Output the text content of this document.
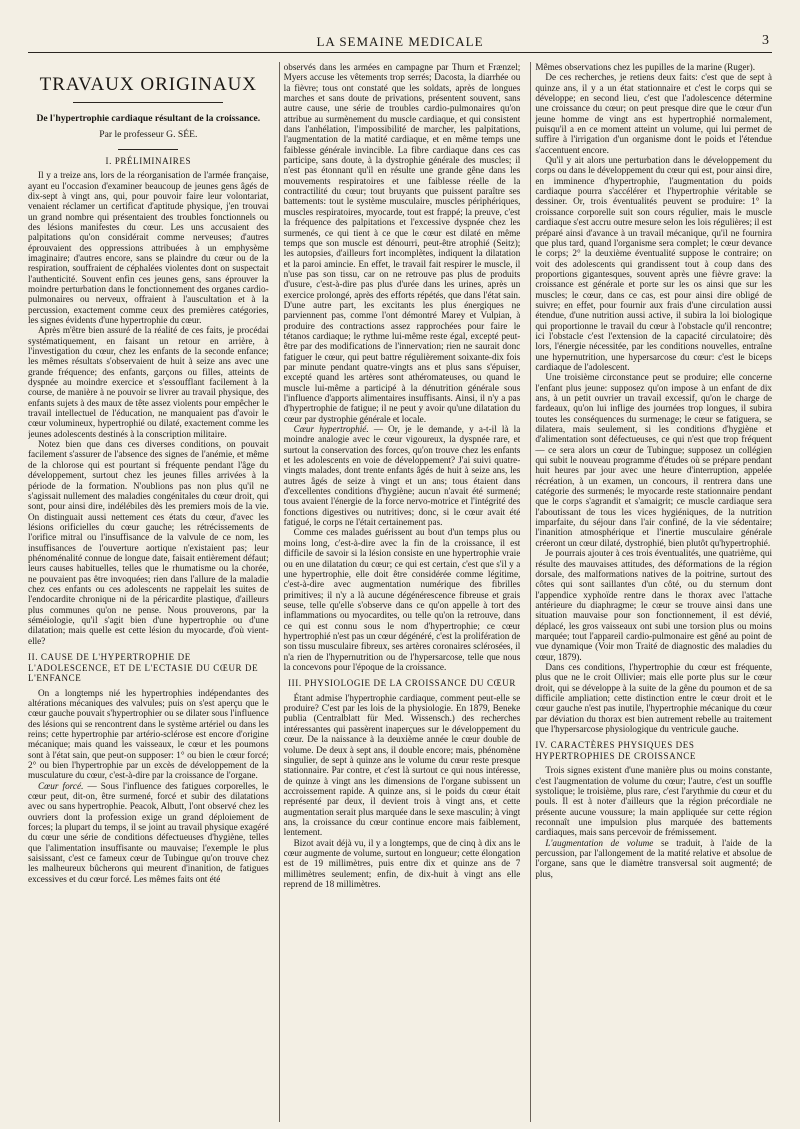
LA SEMAINE MEDICALE	3
TRAVAUX ORIGINAUX
De l'hypertrophie cardiaque résultant de la croissance.
Par le professeur G. SÉE.
I. PRÉLIMINAIRES

Il y a treize ans, lors de la réorganisation de l'armée française, ayant eu l'occasion d'examiner beaucoup de jeunes gens âgés de dix-sept à vingt ans, qui, pour pouvoir faire leur volontariat, venaient réclamer un certificat d'aptitude physique, j'en trouvai un grand nombre qui présentaient des troubles fonctionnels ou des lésions manifestes du cœur. Les uns accusaient des palpitations qu'on considérait comme nerveuses; d'autres éprouvaient des oppressions attribuées à un emphysème imaginaire; d'autres encore, sans se plaindre du cœur ou de la respiration, souffraient de céphalées violentes dont on suspectait l'authenticité. Souvent enfin ces jeunes gens, sans éprouver la moindre perturbation dans le fonctionnement des organes cardio-pulmonaires ou nerveux, offraient à l'auscultation et à la percussion, exactement comme ceux des premières catégories, les signes évidents d'une hypertrophie du cœur.

Après m'être bien assuré de la réalité de ces faits, je procédai systématiquement, en faisant un retour en arrière, à l'investigation du cœur, chez les enfants de la seconde enfance; les mêmes résultats s'observaient de huit à seize ans avec une grande fréquence; des enfants, garçons ou filles, atteints de dyspnée au moindre exercice et s'essoufflant facilement à la course, de manière à ne pouvoir se livrer au travail physique, des enfants sujets à des maux de tête assez violents pour empêcher le travail intellectuel de l'éducation, ne manquaient pas d'avoir le cœur volumineux, hypertrophié ou dilaté, exactement comme les jeunes adolescents destinés à la conscription militaire.

Notez bien que dans ces diverses conditions, on pouvait facilement s'assurer de l'absence des signes de l'anémie, et même de la chlorose qui est pourtant si fréquente pendant l'âge du développement, surtout chez les jeunes filles arrivées à la période de la formation. N'oublions pas non plus qu'il ne s'agissait nullement des maladies congénitales du cœur droit, qui sont, pour ainsi dire, indélébiles dès les premiers mois de la vie. On distinguait aussi nettement ces états du cœur, d'avec les lésions orificielles du cœur gauche; les rétrécissements de l'orifice mitral ou l'insuffisance de la valvule de ce nom, les insuffisances de l'ouverture aortique n'existaient pas; leur phénoménalité connue de longue date, faisait entièrement défaut; leurs causes habituelles, telles que le rhumatisme ou la chorée, ne pouvaient pas être invoquées; rien dans l'allure de la maladie chez ces enfants ou ces adolescents ne rappelait les suites de l'endocardite chronique ni de la péricardite plastique, d'ailleurs plus communes qu'on ne pense. Nous prouverons, par la séméiologie, qu'il s'agit bien d'une hypertrophie ou d'une dilatation; mais quelle est cette lésion du myocarde, d'où vient-elle?

II. CAUSE DE L'HYPERTROPHIE DE L'ADOLESCENCE, ET DE L'ECTASIE DU CŒUR DE L'ENFANCE

On a longtemps nié les hypertrophies indépendantes des altérations mécaniques des valvules; puis on s'est aperçu que le cœur gauche pouvait s'hypertrophier ou se dilater sous l'influence des lésions qui se rencontrent dans le système artériel ou dans les reins; cette hypertrophie par artério-sclérose est encore d'origine mécanique; mais quand les vaisseaux, le cœur et les poumons sont à l'état sain, que peut-on supposer: 1° ou bien le cœur forcé; 2° ou bien l'hypertrophie par un excès de développement de la musculature du cœur, c'est-à-dire par la croissance de l'organe.

Cœur forcé. — Sous l'influence des fatigues corporelles, le cœur peut, dit-on, être surmené, forcé et subir des dilatations avec ou sans hypertrophie. Peacok, Albutt, l'ont observé chez les ouvriers dont la profession exige un grand déploiement de forces; la plupart du temps, il se joint au travail physique exagéré du cœur une série de conditions défectueuses d'hygiène, telles que l'alimentation insuffisante ou mauvaise; l'exemple le plus saisissant, c'est ce fameux cœur de Tubingue qu'on trouve chez les malheureux bûcherons qui meurent d'inanition, de fatigues excessives et du cœur forcé. Les mêmes faits ont été

observés dans les armées en campagne par Thurn et Frænzel; Myers accuse les vêtements trop serrés; Dacosta, la diarrhée ou la fièvre; tous ont constaté que les soldats, après de longues marches et sans doute de privations, présentent souvent, sans autre cause, une série de troubles cardio-pulmonaires qu'on attribue au surmènement du muscle cardiaque, et qui consistent dans l'anhélation, l'impossibilité de marcher, les palpitations, l'augmentation de la matité cardiaque, et en même temps une faiblesse générale invincible. La fibre cardiaque dans ces cas participe, sans doute, à la dystrophie générale des muscles; il n'est pas étonnant qu'il en résulte une grande gêne dans les mouvements respiratoires et une faiblesse réelle de la contractilité du cœur; tout bruyants que puissent paraître ses battements: tout le système musculaire, muscles périphériques, muscles respiratoires, myocarde, tout est frappé; la preuve, c'est la fréquence des palpitations et l'excessive dyspnée chez les surmenés, ce qui tient à ce que le cœur est dilaté en même temps que son muscle est dénourri, peut-être atrophié (Seitz); les autopsies, d'ailleurs fort incomplètes, indiquent la dilatation et la paroi amincie. En effet, le travail fait respirer le muscle, il n'use pas son tissu, car on ne retrouve pas plus de produits d'usure, c'est-à-dire pas plus d'urée dans les urines, après un exercice prolongé, après des efforts répétés, que dans l'état sain. D'une autre part, les excitants les plus énergiques ne parviennent pas, comme l'ont démontré Marey et Vulpian, à produire des contractions assez rapprochées pour faire le tétanos cardiaque; le rythme lui-même reste égal, excepté peut-être par des modifications de l'innervation; rien ne saurait donc fatiguer le cœur, qui peut battre régulièrement soixante-dix fois par minute pendant quatre-vingts ans et plus sans s'épuiser, excepté quand les artères sont athéromateuses, ou quand le muscle lui-même a participé à la dénutrition générale sous l'influence d'apports alimentaires insuffisants. Ainsi, il n'y a pas d'hypertrophie de fatigue; il ne peut y avoir qu'une dilatation du cœur par dystrophie générale et locale.

Cœur hypertrophié. — Or, je le demande, y a-t-il là la moindre analogie avec le cœur vigoureux, la dyspnée rare, et surtout la conservation des forces, qu'on trouve chez les enfants et les adolescents en voie de développement? J'ai suivi quatre-vingts malades, dont trente enfants âgés de huit à seize ans, les autres âgés de seize à vingt et un ans; tous étaient dans d'excellentes conditions d'hygiène; aucun n'avait été surmené; tous avaient l'énergie de la force nervo-motrice et l'intégrité des fonctions digestives ou nutritives; donc, si le cœur avait été fatigué, le corps ne l'était certainement pas.

Comme ces malades guérissent au bout d'un temps plus ou moins long, c'est-à-dire avec la fin de la croissance, il est difficile de savoir si la lésion consiste en une hypertrophie vraie ou en une dilatation du cœur; ce qui est certain, c'est que s'il y a une hypertrophie, elle doit être considérée comme légitime, c'est-à-dire avec augmentation numérique des fibrilles primitives; il n'y a là aucune dégénérescence fibreuse et grais seuse, telle qu'elle s'observe dans ce qu'on appelle à tort des inflammations ou myocardites, ou telle qu'on la retrouve, dans ce qui est connu sous le nom d'hypertrophie; ce cœur hypertrophié n'est pas un cœur dégénéré, c'est la prolifération de son tissu musculaire fibreux, ses artères coronaires sclérosées, il n'a rien de l'hypernutrition ou de l'hypersarcose, telle que nous la concevons pour l'époque de la croissance.

III. PHYSIOLOGIE DE LA CROISSANCE DU CŒUR

Étant admise l'hypertrophie cardiaque, comment peut-elle se produire? C'est par les lois de la physiologie. En 1879, Beneke publia (Centralblatt für Med. Wissensch.) des recherches intéressantes qui passèrent inaperçues sur le développement du cœur. De la naissance à la deuxième année le cœur double de volume. De deux à sept ans, il double encore; mais, phénomène singulier, de sept à quinze ans le volume du cœur reste presque stationnaire. Par contre, et c'est là surtout ce qui nous intéresse, de quinze à vingt ans les dimensions de l'organe subissent un accroissement rapide. A quinze ans, si le poids du cœur était représenté par deux, il devient trois à vingt ans, et cette augmentation serait plus marquée dans le sexe masculin; à vingt ans, la croissance du cœur continue encore mais faiblement, lentement.

Bizot avait déjà vu, il y a longtemps, que de cinq à dix ans le cœur augmente de volume, surtout en longueur; cette élongation est de 19 millimètres, puis entre dix et quinze ans de 7 millimètres seulement; enfin, de dix-huit à vingt ans elle reprend de 18 millimètres.

Mêmes observations chez les pupilles de la marine (Ruger).

De ces recherches, je retiens deux faits: c'est que de sept à quinze ans, il y a un état stationnaire et c'est le corps qui se développe; en second lieu, c'est que l'adolescence détermine une croissance du cœur; on peut presque dire que le cœur d'un jeune homme de vingt ans est hypertrophié normalement, puisqu'il a en ce moment atteint un volume, qui lui permet de suffire à l'irrigation d'un organisme dont le poids et l'étendue s'accentuent encore.

Qu'il y ait alors une perturbation dans le développement du corps ou dans le développement du cœur qui est, pour ainsi dire, en imminence d'hypertrophie, l'augmentation du poids cardiaque pourra s'accélérer et l'hypertrophie véritable se dessiner. Or, trois éventualités peuvent se produire: 1° la croissance corporelle suit son cours régulier, mais le muscle cardiaque s'est accru outre mesure selon les lois régulières; il est préparé ainsi d'avance à un travail mécanique, qu'il ne fournira que plus tard, quand l'organisme sera complet; le cœur devance le corps; 2° la deuxième éventualité suppose le contraire; on voit des adolescents qui grandissent tout à coup dans des proportions gigantesques, souvent après une fièvre grave: la croissance est générale et porte sur les os ainsi que sur les muscles; le cœur, dans ce cas, est pour ainsi dire obligé de suivre; en effet, pour fournir aux frais d'une circulation aussi étendue, d'une nutrition aussi active, il subira la loi biologique qui proportionne le travail du cœur à l'obstacle qu'il rencontre; ici l'obstacle c'est l'extension de la capacité circulatoire; dès lors, l'énergie nécessitée, par les conditions nouvelles, entraîne une hypernutrition, une hypersarcose du cœur: c'est le biceps cardiaque de l'adolescent.

Une troisième circonstance peut se produire; elle concerne l'enfant plus jeune: supposez qu'on impose à un enfant de dix ans, à un petit ouvrier un travail excessif, qu'on le charge de fardeaux, qu'on lui inflige des journées trop longues, il subira toutes les conséquences du surmenage; le cœur se fatiguera, se dilatera, mais seulement, si les conditions d'hygiène et d'alimentation sont défectueuses, ce qui n'est que trop fréquent — ce sera alors un cœur de Tubingue; supposez un collégien qui subit le nouveau programme d'études où se prépare pendant huit heures par jour avec une heure d'interruption, appelée récréation, à un examen, un concours, il rentrera dans une catégorie des surmenés; le myocarde reste stationnaire pendant que le corps s'agrandit et s'amaigrit; ce muscle cardiaque sera l'aboutissant de tous les vices hygiéniques, de la nutrition imparfaite, du séjour dans l'air confiné, de la vie sédentaire; l'inanition atmosphérique et l'inertie musculaire générale créeront un cœur dilaté, dystrophié, bien plutôt qu'hypertrophié.

Je pourrais ajouter à ces trois éventualités, une quatrième, qui résulte des mauvaises attitudes, des déformations de la région dorsale, des malformations natives de la poitrine, surtout des côtes qui sont saillantes d'un côté, ou du sternum dont l'appendice xyphoïde rentre dans le thorax avec l'attache antérieure du diaphragme; le cœur se trouve ainsi dans une situation mauvaise pour son fonctionnement, il est dévié, déplacé, les gros vaisseaux ont subi une torsion plus ou moins marquée; tout l'appareil cardio-pulmonaire est gêné au point de vue dynamique (Voir mon Traité de diagnostic des maladies du cœur, 1879).

Dans ces conditions, l'hypertrophie du cœur est fréquente, plus que ne le croit Ollivier; mais elle porte plus sur le cœur droit, qui se développe à la suite de la gêne du poumon et de sa difficile ampliation; cette distinction entre le cœur droit et le cœur gauche n'est pas inutile, l'hypertrophie mécanique du cœur par déviation du thorax est bien autrement rebelle au traitement que l'hypersarcose physiologique du ventricule gauche.

IV. CARACTÈRES PHYSIQUES DES HYPERTROPHIES DE CROISSANCE

Trois signes existent d'une manière plus ou moins constante, c'est l'augmentation de volume du cœur; l'autre, c'est un souffle systolique; le troisième, plus rare, c'est l'arythmie du cœur et du pouls. Il est à noter d'ailleurs que la région précordiale ne présente aucune voussure; la main appliquée sur cette région reconnaît une impulsion plus marquée des battements cardiaques, mais sans percevoir de frémissement.

L'augmentation de volume se traduit, à l'aide de la percussion, par l'allongement de la matité relative et absolue de l'organe, sans que le diamètre transversal soit augmenté; de plus,
